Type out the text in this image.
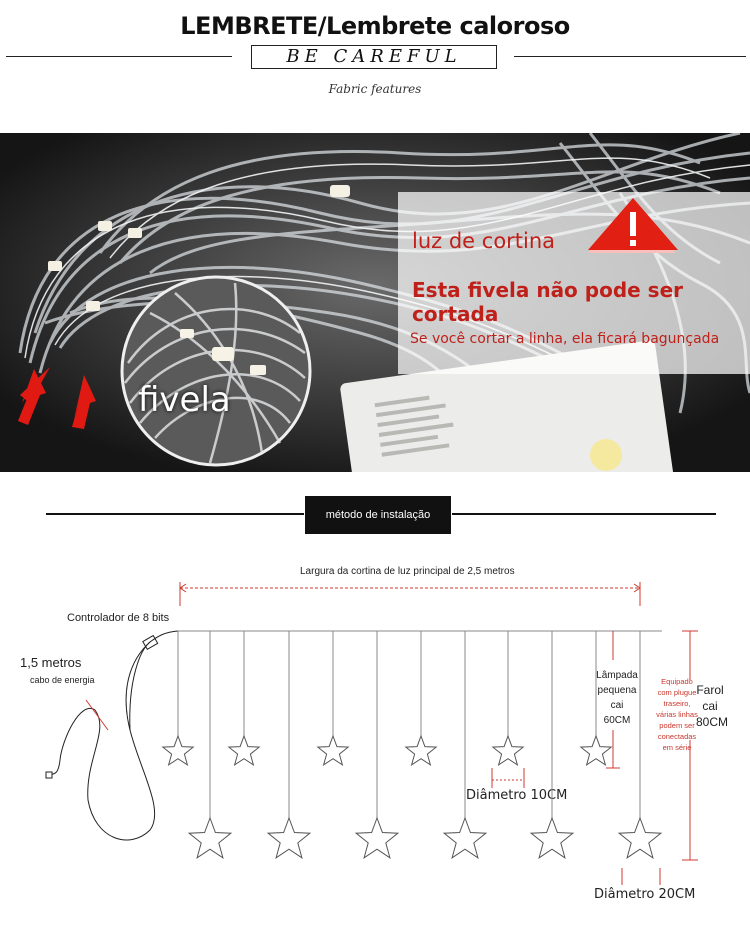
LEMBRETE/Lembrete caloroso
BE CAREFUL
Fabric features
luz de cortina
Esta fivela não pode ser cortada
Se você cortar a linha, ela ficará bagunçada
fivela
método de instalação
Largura da cortina de luz principal de 2,5 metros
Controlador de 8 bits
1,5 metros
cabo de energia	Lâmpada pequena cai 60CM
Equipado com plugue traseiro, várias linhas podem ser conectadas em série
Farol cai 80CM
Diâmetro 10CM
Diâmetro 20CM
